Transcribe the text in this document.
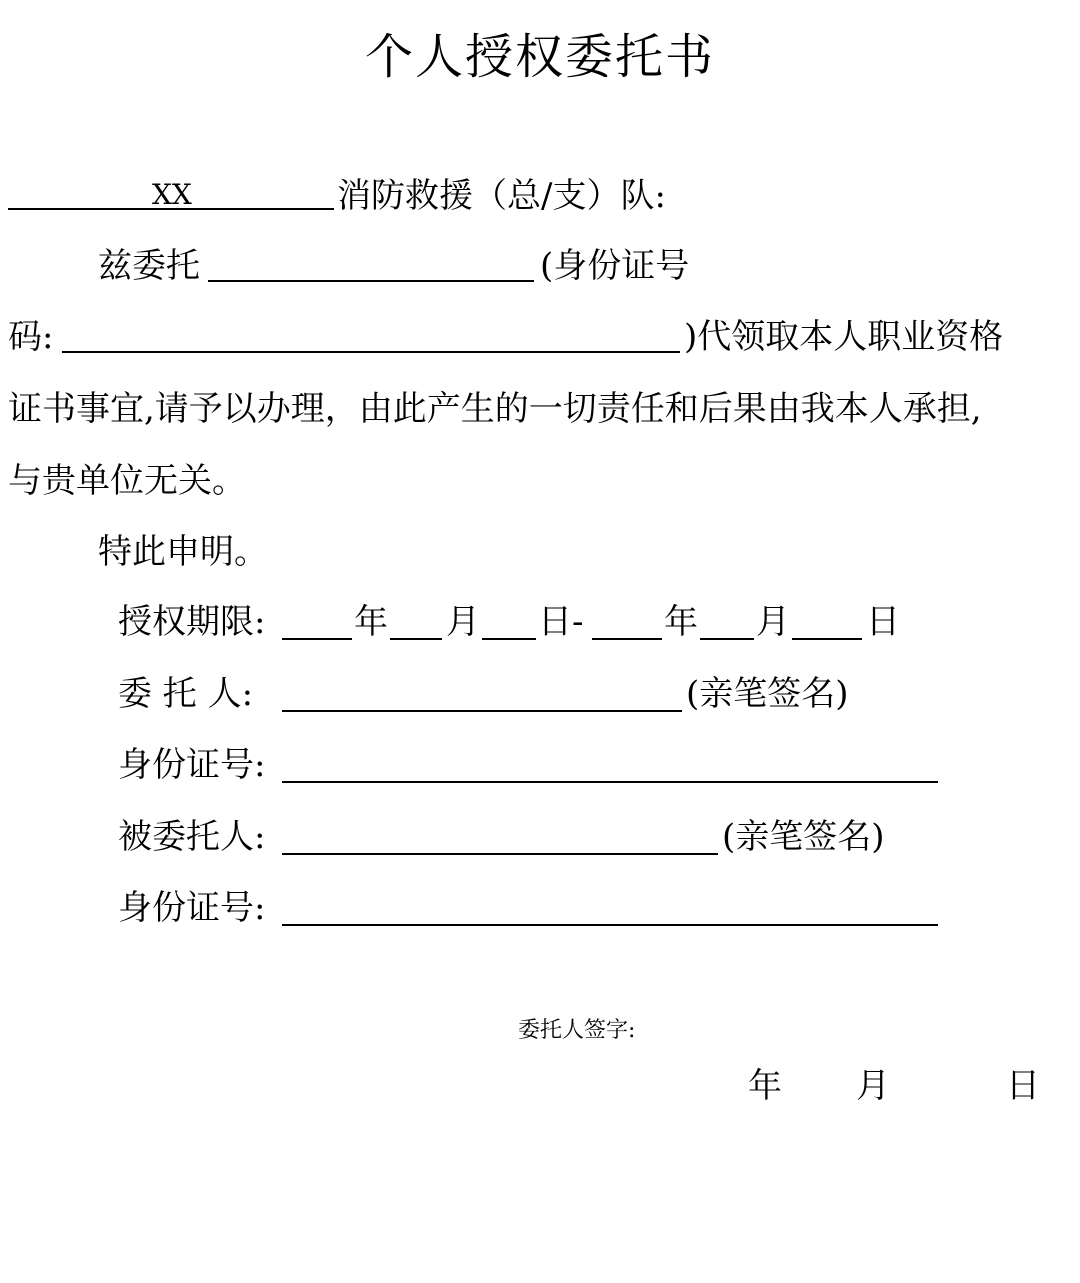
个人授权委托书
XX	消防救援（总/支）队:
兹委托	(身份证号
码:	)代领取本人职业资格
证书事宜,请予以办理，由此产生的一切责任和后果由我本人承担,
与贵单位无关。
特此申明。
授权期限:	年 月 日 - 年 月 日
委 托 人:	(亲笔签名)
身份证号:
被委托人:	(亲笔签名)
身份证号:
委托人签字:
年 月	日
